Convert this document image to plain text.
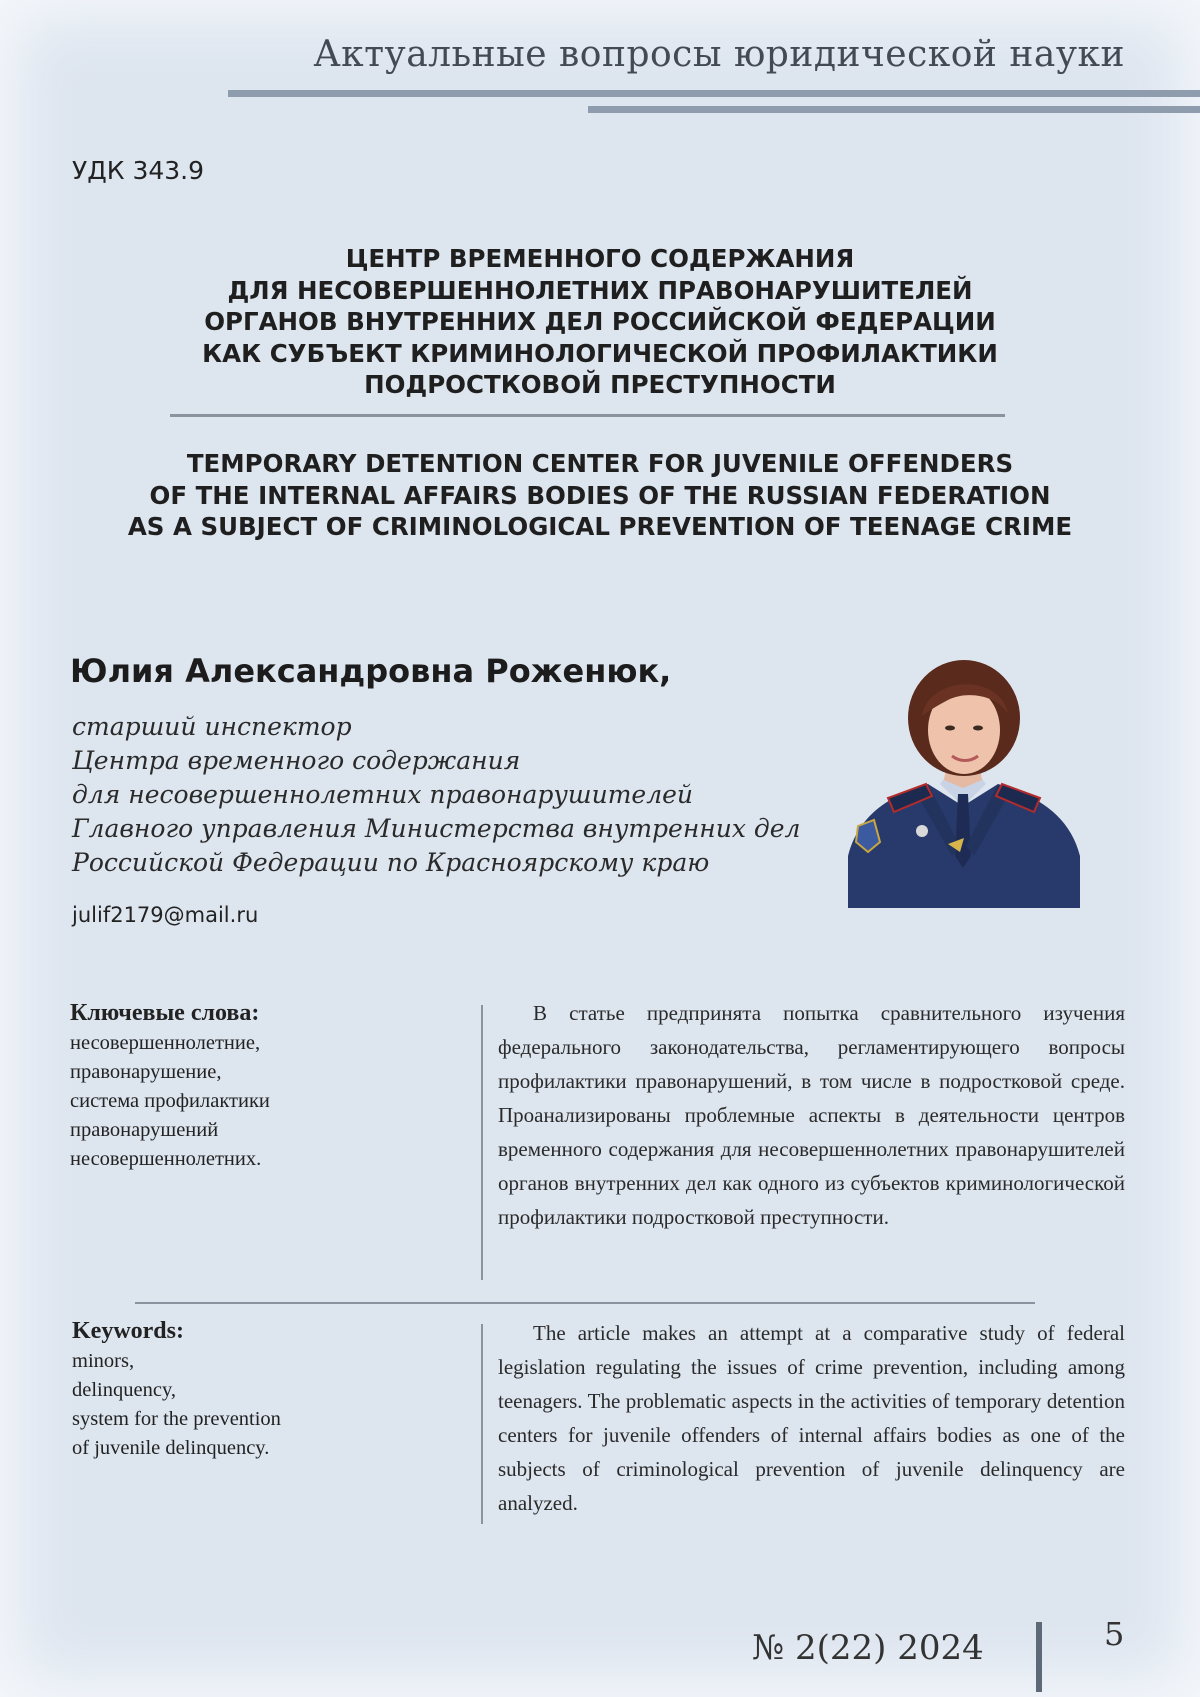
Актуальные вопросы юридической науки
УДК 343.9
ЦЕНТР ВРЕМЕННОГО СОДЕРЖАНИЯ
ДЛЯ НЕСОВЕРШЕННОЛЕТНИХ ПРАВОНАРУШИТЕЛЕЙ
ОРГАНОВ ВНУТРЕННИХ ДЕЛ РОССИЙСКОЙ ФЕДЕРАЦИИ
КАК СУБЪЕКТ КРИМИНОЛОГИЧЕСКОЙ ПРОФИЛАКТИКИ
ПОДРОСТКОВОЙ ПРЕСТУПНОСТИ
TEMPORARY DETENTION CENTER FOR JUVENILE OFFENDERS
OF THE INTERNAL AFFAIRS BODIES OF THE RUSSIAN FEDERATION
AS A SUBJECT OF CRIMINOLOGICAL PREVENTION OF TEENAGE CRIME
Юлия Александровна Роженюк,
старший инспектор
Центра временного содержания
для несовершеннолетних правонарушителей
Главного управления Министерства внутренних дел
Российской Федерации по Красноярскому краю
julif2179@mail.ru
Ключевые слова:
несовершеннолетние,
правонарушение,
система профилактики
правонарушений
несовершеннолетних.
В статье предпринята попытка сравнительного изучения федерального законодательства, регламентирующего вопросы профилактики правонарушений, в том числе в подростковой среде. Проанализированы проблемные аспекты в деятельности центров временного содержания для несовершеннолетних правонарушителей органов внутренних дел как одного из субъектов криминологической профилактики подростковой преступности.
Keywords:
minors,
delinquency,
system for the prevention
of juvenile delinquency.
The article makes an attempt at a comparative study of federal legislation regulating the issues of crime prevention, including among teenagers. The problematic aspects in the activities of temporary detention centers for juvenile offenders of internal affairs bodies as one of the subjects of criminological prevention of juvenile delinquency are analyzed.
№ 2(22) 2024	5
